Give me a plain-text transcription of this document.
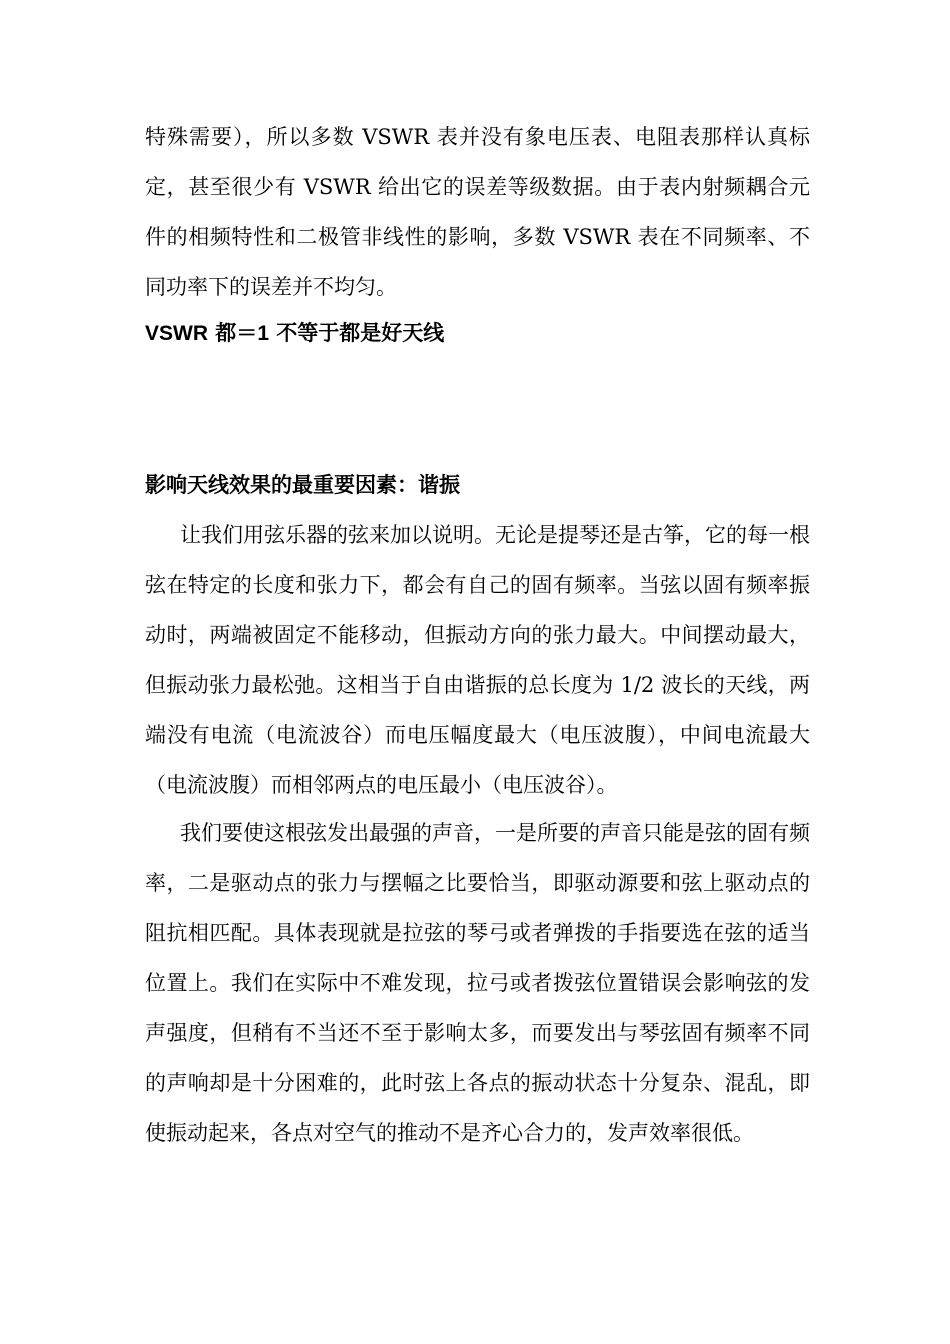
特殊需要），所以多数 VSWR 表并没有象电压表、电阻表那样认真标定，甚至很少有 VSWR 给出它的误差等级数据。由于表内射频耦合元件的相频特性和二极管非线性的影响，多数 VSWR 表在不同频率、不同功率下的误差并不均匀。

VSWR 都＝1 不等于都是好天线
影响天线效果的最重要因素：谐振

让我们用弦乐器的弦来加以说明。无论是提琴还是古筝，它的每一根弦在特定的长度和张力下，都会有自己的固有频率。当弦以固有频率振动时，两端被固定不能移动，但振动方向的张力最大。中间摆动最大，但振动张力最松弛。这相当于自由谐振的总长度为 1/2 波长的天线，两端没有电流（电流波谷）而电压幅度最大（电压波腹），中间电流最大（电流波腹）而相邻两点的电压最小（电压波谷）。

我们要使这根弦发出最强的声音，一是所要的声音只能是弦的固有频率，二是驱动点的张力与摆幅之比要恰当，即驱动源要和弦上驱动点的阻抗相匹配。具体表现就是拉弦的琴弓或者弹拨的手指要选在弦的适当位置上。我们在实际中不难发现，拉弓或者拨弦位置错误会影响弦的发声强度，但稍有不当还不至于影响太多，而要发出与琴弦固有频率不同的声响却是十分困难的，此时弦上各点的振动状态十分复杂、混乱，即使振动起来，各点对空气的推动不是齐心合力的，发声效率很低。
